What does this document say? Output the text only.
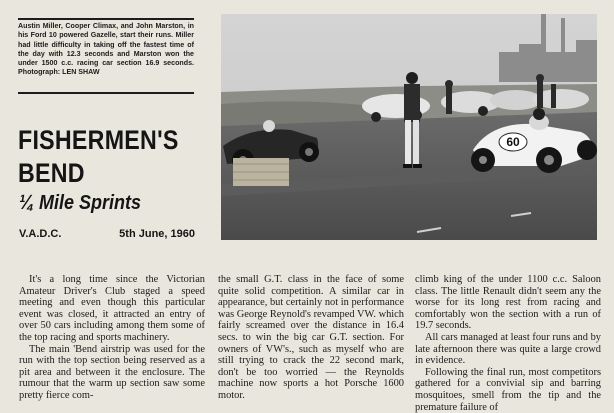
Austin Miller, Cooper Climax, and John Marston, in his Ford 10 powered Gazelle, start their runs. Miller had little difficulty in taking off the fastest time of the day with 12.3 seconds and Marston won the under 1500 c.c. racing car section 16.9 seconds. Photograph: LEN SHAW

FISHERMEN'S
BEND
¼ Mile Sprints
V.A.D.C.	5th June, 1960
60

It's a long time since the Victorian Amateur Driver's Club staged a speed meeting and even though this particular event was closed, it attracted an entry of over 50 cars including among them some of the top racing and sports machinery.

The main 'Bend airstrip was used for the run with the top section being reserved as a pit area and between it the enclosure. The rumour that the warm up section saw some pretty fierce com-

the small G.T. class in the face of some quite solid competition. A similar car in appearance, but certainly not in performance was George Reynold's revamped VW. which fairly screamed over the distance in 16.4 secs. to win the big car G.T. section. For owners of VW's., such as myself who are still trying to crack the 22 second mark, don't be too worried — the Reynolds machine now sports a hot Porsche 1600 motor.

climb king of the under 1100 c.c. Saloon class. The little Renault didn't seem any the worse for its long rest from racing and comfortably won the section with a run of 19.7 seconds.

All cars managed at least four runs and by late afternoon there was quite a large crowd in evidence.

Following the final run, most competitors gathered for a convivial sip and barring mosquitoes, smell from the tip and the premature failure of
